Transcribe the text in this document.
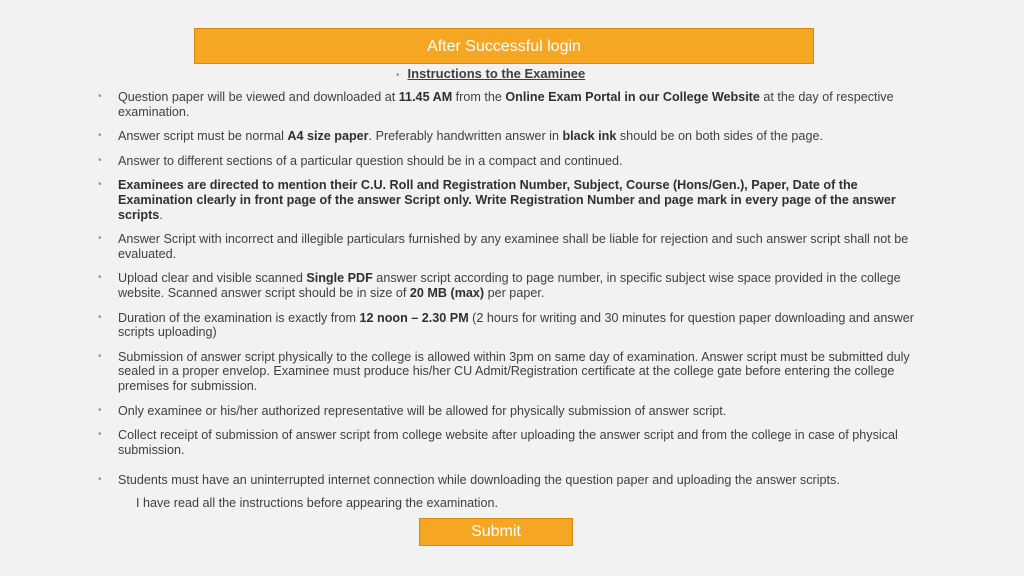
After Successful login
• Instructions to the Examinee
• Question paper will be viewed and downloaded at 11.45 AM from the Online Exam Portal in our College Website at the day of respective examination.
• Answer script must be normal A4 size paper. Preferably handwritten answer in black ink should be on both sides of the page.
• Answer to different sections of a particular question should be in a compact and continued.
• Examinees are directed to mention their C.U. Roll and Registration Number, Subject, Course (Hons/Gen.), Paper, Date of the Examination clearly in front page of the answer Script only. Write Registration Number and page mark in every page of the answer scripts.
• Answer Script with incorrect and illegible particulars furnished by any examinee shall be liable for rejection and such answer script shall not be evaluated.
• Upload clear and visible scanned Single PDF answer script according to page number, in specific subject wise space provided in the college website. Scanned answer script should be in size of 20 MB (max) per paper.
• Duration of the examination is exactly from 12 noon – 2.30 PM (2 hours for writing and 30 minutes for question paper downloading and answer scripts uploading)
• Submission of answer script physically to the college is allowed within 3pm on same day of examination. Answer script must be submitted duly sealed in a proper envelop. Examinee must produce his/her CU Admit/Registration certificate at the college gate before entering the college premises for submission.
• Only examinee or his/her authorized representative will be allowed for physically submission of answer script.
• Collect receipt of submission of answer script from college website after uploading the answer script and from the college in case of physical submission.
• Students must have an uninterrupted internet connection while downloading the question paper and uploading the answer scripts.
I have read all the instructions before appearing the examination.
Submit
